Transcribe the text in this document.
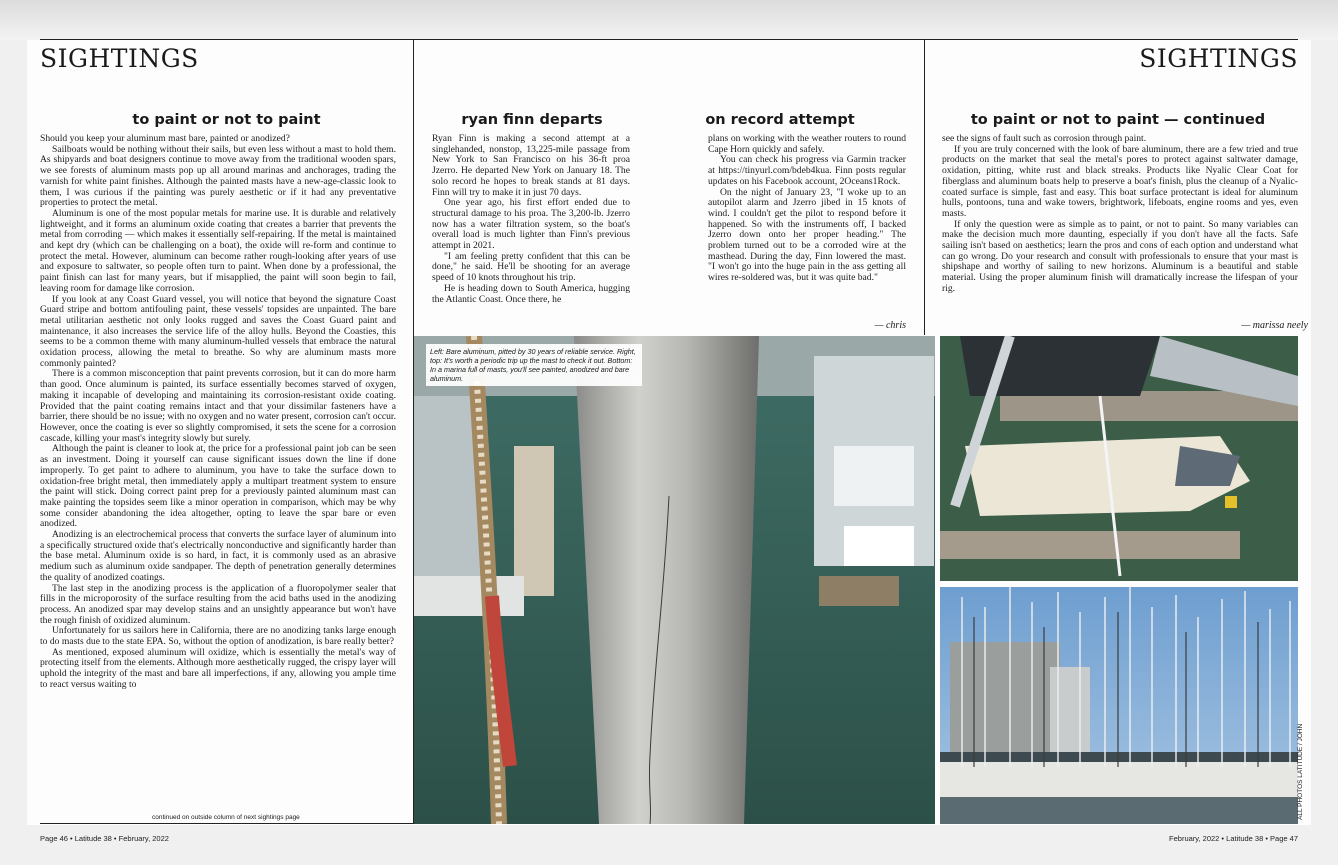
SIGHTINGS	SIGHTINGS
to paint or not to paint

Should you keep your aluminum mast bare, painted or anodized?

Sailboats would be nothing without their sails, but even less without a mast to hold them. As shipyards and boat designers continue to move away from the traditional wooden spars, we see forests of aluminum masts pop up all around marinas and anchorages, trading the varnish for white paint finishes. Although the painted masts have a new-age-classic look to them, I was curious if the painting was purely aesthetic or if it had any preventative properties to protect the metal.

Aluminum is one of the most popular metals for marine use. It is durable and relatively lightweight, and it forms an aluminum oxide coating that creates a barrier that prevents the metal from corroding — which makes it essentially self-repairing. If the metal is maintained and kept dry (which can be challenging on a boat), the oxide will re-form and continue to protect the metal. However, aluminum can become rather rough-looking after years of use and exposure to saltwater, so people often turn to paint. When done by a professional, the paint finish can last for many years, but if misapplied, the paint will soon begin to fail, leaving room for damage like corrosion.

If you look at any Coast Guard vessel, you will notice that beyond the signature Coast Guard stripe and bottom antifouling paint, these vessels' topsides are unpainted. The bare metal utilitarian aesthetic not only looks rugged and saves the Coast Guard paint and maintenance, it also increases the service life of the alloy hulls. Beyond the Coasties, this seems to be a common theme with many aluminum-hulled vessels that embrace the natural oxidation process, allowing the metal to breathe. So why are aluminum masts more commonly painted?

There is a common misconception that paint prevents corrosion, but it can do more harm than good. Once aluminum is painted, its surface essentially becomes starved of oxygen, making it incapable of developing and maintaining its corrosion-resistant oxide coating. Provided that the paint coating remains intact and that your dissimilar fasteners have a barrier, there should be no issue; with no oxygen and no water present, corrosion can't occur. However, once the coating is ever so slightly compromised, it sets the scene for a corrosion cascade, killing your mast's integrity slowly but surely.

Although the paint is cleaner to look at, the price for a professional paint job can be seen as an investment. Doing it yourself can cause significant issues down the line if done improperly. To get paint to adhere to aluminum, you have to take the surface down to oxidation-free bright metal, then immediately apply a multipart treatment system to ensure the paint will stick. Doing correct paint prep for a previously painted aluminum mast can make painting the topsides seem like a minor operation in comparison, which may be why some consider abandoning the idea altogether, opting to leave the spar bare or even anodized.

Anodizing is an electrochemical process that converts the surface layer of aluminum into a specifically structured oxide that's electrically nonconductive and significantly harder than the base metal. Aluminum oxide is so hard, in fact, it is commonly used as an abrasive medium such as aluminum oxide sandpaper. The depth of penetration generally determines the quality of anodized coatings.

The last step in the anodizing process is the application of a fluoropolymer sealer that fills in the microporosity of the surface resulting from the acid baths used in the anodizing process. An anodized spar may develop stains and an unsightly appearance but won't have the rough finish of oxidized aluminum.

Unfortunately for us sailors here in California, there are no anodizing tanks large enough to do masts due to the state EPA. So, without the option of anodization, is bare really better?

As mentioned, exposed aluminum will oxidize, which is essentially the metal's way of protecting itself from the elements. Although more aesthetically rugged, the crispy layer will uphold the integrity of the mast and bare all imperfections, if any, allowing you ample time to react versus waiting to

continued on outside column of next sightings page
ryan finn departs	on record attempt

Ryan Finn is making a second attempt at a singlehanded, nonstop, 13,225-mile passage from New York to San Francisco on his 36-ft proa Jzerro. He departed New York on January 18. The solo record he hopes to break stands at 81 days. Finn will try to make it in just 70 days.

One year ago, his first effort ended due to structural damage to his proa. The 3,200-lb. Jzerro now has a water filtration system, so the boat's overall load is much lighter than Finn's previous attempt in 2021.

"I am feeling pretty confident that this can be done," he said. He'll be shooting for an average speed of 10 knots throughout his trip.

He is heading down to South America, hugging the Atlantic Coast. Once there, he

plans on working with the weather routers to round Cape Horn quickly and safely.

You can check his progress via Garmin tracker at https://tinyurl.com/bdeb4kua. Finn posts regular updates on his Facebook account, 2Oceans1Rock.

On the night of January 23, "I woke up to an autopilot alarm and Jzerro jibed in 15 knots of wind. I couldn't get the pilot to respond before it happened. So with the instruments off, I backed Jzerro down onto her proper heading." The problem turned out to be a corroded wire at the masthead. During the day, Finn lowered the mast. "I won't go into the huge pain in the ass getting all wires re-soldered was, but it was quite bad."

— chris
to paint or not to paint — continued

see the signs of fault such as corrosion through paint.

If you are truly concerned with the look of bare aluminum, there are a few tried and true products on the market that seal the metal's pores to protect against saltwater damage, oxidation, pitting, white rust and black streaks. Products like Nyalic Clear Coat for fiberglass and aluminum boats help to preserve a boat's finish, plus the cleanup of a Nyalic-coated surface is simple, fast and easy. This boat surface protectant is ideal for aluminum hulls, pontoons, tuna and wake towers, brightwork, lifeboats, engine rooms and yes, even masts.

If only the question were as simple as to paint, or not to paint. So many variables can make the decision much more daunting, especially if you don't have all the facts. Safe sailing isn't based on aesthetics; learn the pros and cons of each option and understand what can go wrong. Do your research and consult with professionals to ensure that your mast is shipshape and worthy of sailing to new horizons. Aluminum is a beautiful and stable material. Using the proper aluminum finish will dramatically increase the lifespan of your rig.

— marissa neely
Left: Bare aluminum, pitted by 30 years of reliable service. Right, top: It's worth a periodic trip up the mast to check it out. Bottom: In a marina full of masts, you'll see painted, anodized and bare aluminum.
ALL PHOTOS LATITUDE / JOHN
Page 46 • Latitude 38 • February, 2022	February, 2022 • Latitude 38 • Page 47
